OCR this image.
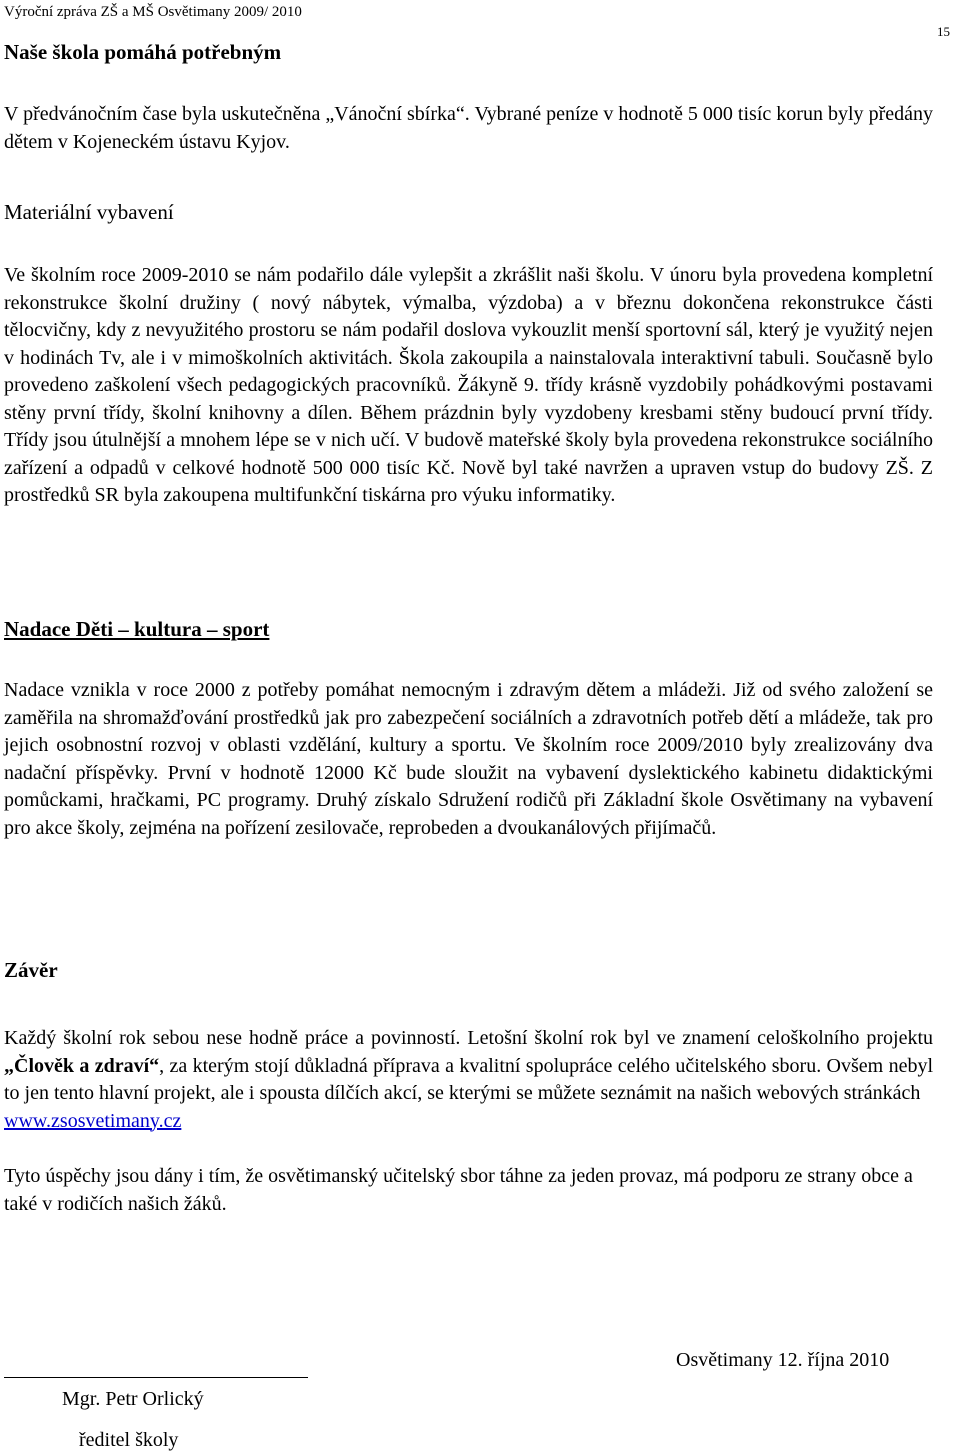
Výroční zpráva ZŠ a MŠ Osvětimany 2009/ 2010
15
Naše škola pomáhá potřebným

V předvánočním čase byla uskutečněna „Vánoční sbírka“. Vybrané peníze v hodnotě 5 000 tisíc korun byly předány dětem v Kojeneckém ústavu Kyjov.

Materiální vybavení

Ve školním roce 2009-2010 se nám podařilo dále vylepšit a zkrášlit naši školu. V únoru byla provedena kompletní rekonstrukce školní družiny ( nový nábytek, výmalba, výzdoba) a v březnu dokončena rekonstrukce části tělocvičny, kdy z nevyužitého prostoru se nám podařil doslova vykouzlit menší sportovní sál, který je využitý nejen v hodinách Tv, ale i v mimoškolních aktivitách. Škola zakoupila a nainstalovala interaktivní tabuli. Současně bylo provedeno zaškolení všech pedagogických pracovníků. Žákyně 9. třídy krásně vyzdobily pohádkovými postavami stěny první třídy, školní knihovny a dílen. Během prázdnin byly vyzdobeny kresbami stěny budoucí první třídy. Třídy jsou útulnější a mnohem lépe se v nich učí. V budově mateřské školy byla provedena rekonstrukce sociálního zařízení a odpadů v celkové hodnotě 500 000 tisíc Kč. Nově byl také navržen a upraven vstup do budovy ZŠ. Z prostředků SR byla zakoupena multifunkční tiskárna pro výuku informatiky.

Nadace Děti – kultura – sport

Nadace vznikla v roce 2000 z potřeby pomáhat nemocným i zdravým dětem a mládeži. Již od svého založení se zaměřila na shromažďování prostředků jak pro zabezpečení sociálních a zdravotních potřeb dětí a mládeže, tak pro jejich osobnostní rozvoj v oblasti vzdělání, kultury a sportu. Ve školním roce 2009/2010 byly zrealizovány dva nadační příspěvky. První v hodnotě 12000 Kč bude sloužit na vybavení dyslektického kabinetu didaktickými pomůckami, hračkami, PC programy. Druhý získalo Sdružení rodičů při Základní škole Osvětimany na vybavení pro akce školy, zejména na pořízení zesilovače, reprobeden a dvoukanálových přijímačů.

Závěr

Každý školní rok sebou nese hodně práce a povinností. Letošní školní rok byl ve znamení celoškolního projektu „Člověk a zdraví“, za kterým stojí důkladná příprava a kvalitní spolupráce celého učitelského sboru. Ovšem nebyl to jen tento hlavní projekt, ale i spousta dílčích akcí, se kterými se můžete seznámit na našich webových stránkách
www.zsosvetimany.cz

Tyto úspěchy jsou dány i tím, že osvětimanský učitelský sbor táhne za jeden provaz, má podporu ze strany obce a také v rodičích našich žáků.

Osvětimany 12. října 2010
Mgr. Petr Orlický
ředitel školy
